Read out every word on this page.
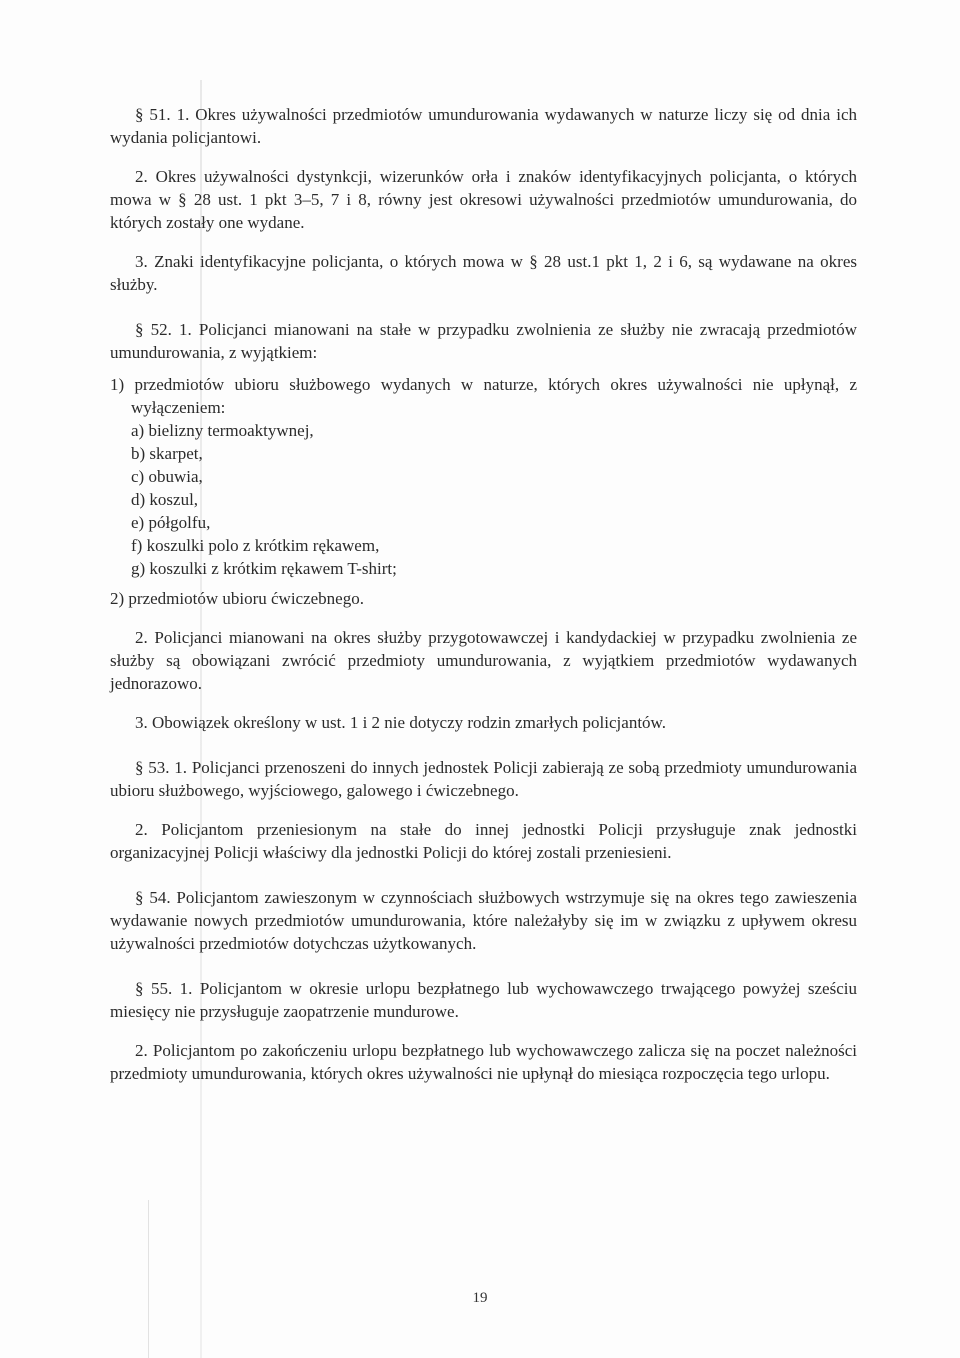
§ 51. 1. Okres używalności przedmiotów umundurowania wydawanych w naturze liczy się od dnia ich wydania policjantowi.

2. Okres używalności dystynkcji, wizerunków orła i znaków identyfikacyjnych policjanta, o których mowa w § 28 ust. 1 pkt 3–5, 7 i 8, równy jest okresowi używalności przedmiotów umundurowania, do których zostały one wydane.

3. Znaki identyfikacyjne policjanta, o których mowa w § 28 ust.1 pkt 1, 2 i 6, są wydawane na okres służby.

§ 52. 1. Policjanci mianowani na stałe w przypadku zwolnienia ze służby nie zwracają przedmiotów umundurowania, z wyjątkiem:

1) przedmiotów ubioru służbowego wydanych w naturze, których okres używalności nie upłynął, z wyłączeniem:

a) bielizny termoaktywnej,
b) skarpet,
c) obuwia,
d) koszul,
e) półgolfu,
f) koszulki polo z krótkim rękawem,
g) koszulki z krótkim rękawem T-shirt;

2) przedmiotów ubioru ćwiczebnego.

2. Policjanci mianowani na okres służby przygotowawczej i kandydackiej w przypadku zwolnienia ze służby są obowiązani zwrócić przedmioty umundurowania, z wyjątkiem przedmiotów wydawanych jednorazowo.

3. Obowiązek określony w ust. 1 i 2 nie dotyczy rodzin zmarłych policjantów.

§ 53. 1. Policjanci przenoszeni do innych jednostek Policji zabierają ze sobą przedmioty umundurowania ubioru służbowego, wyjściowego, galowego i ćwiczebnego.

2. Policjantom przeniesionym na stałe do innej jednostki Policji przysługuje znak jednostki organizacyjnej Policji właściwy dla jednostki Policji do której zostali przeniesieni.

§ 54. Policjantom zawieszonym w czynnościach służbowych wstrzymuje się na okres tego zawieszenia wydawanie nowych przedmiotów umundurowania, które należałyby się im w związku z upływem okresu używalności przedmiotów dotychczas użytkowanych.

§ 55. 1. Policjantom w okresie urlopu bezpłatnego lub wychowawczego trwającego powyżej sześciu miesięcy nie przysługuje zaopatrzenie mundurowe.

2. Policjantom po zakończeniu urlopu bezpłatnego lub wychowawczego zalicza się na poczet należności przedmioty umundurowania, których okres używalności nie upłynął do miesiąca rozpoczęcia tego urlopu.

19
